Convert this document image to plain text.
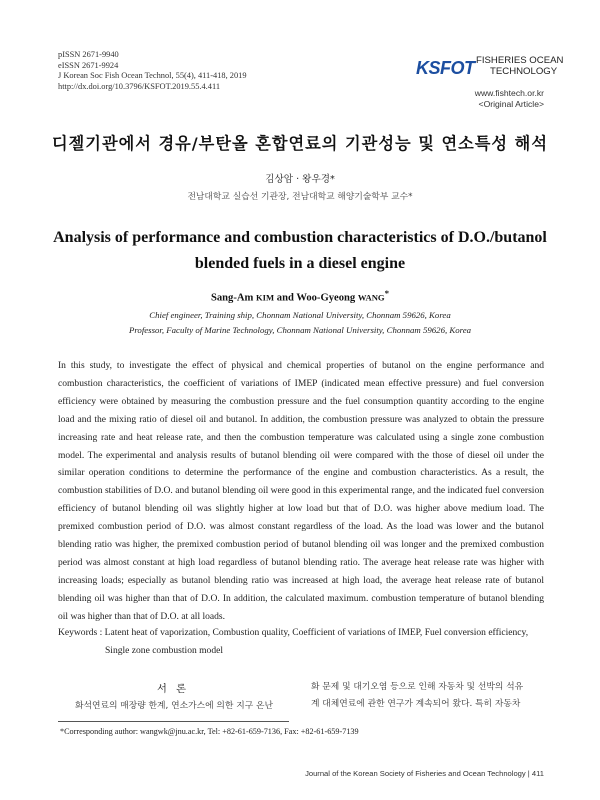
pISSN 2671-9940
eISSN 2671-9924
J Korean Soc Fish Ocean Technol, 55(4), 411-418, 2019
http://dx.doi.org/10.3796/KSFOT.2019.55.4.411
KSFOT FISHERIES OCEAN
TECHNOLOGY
www.fishtech.or.kr
<Original Article>
디젤기관에서 경유/부탄올 혼합연료의 기관성능 및 연소특성 해석
김상암 · 왕우경*
전남대학교 실습선 기관장, 전남대학교 해양기술학부 교수*
Analysis of performance and combustion characteristics of D.O./butanol
blended fuels in a diesel engine
Sang-Am KIM and Woo-Gyeong WANG*
Chief engineer, Training ship, Chonnam National University, Chonnam 59626, Korea
Professor, Faculty of Marine Technology, Chonnam National University, Chonnam 59626, Korea
In this study, to investigate the effect of physical and chemical properties of butanol on the engine performance and combustion characteristics, the coefficient of variations of IMEP (indicated mean effective pressure) and fuel conversion efficiency were obtained by measuring the combustion pressure and the fuel consumption quantity according to the engine load and the mixing ratio of diesel oil and butanol. In addition, the combustion pressure was analyzed to obtain the pressure increasing rate and heat release rate, and then the combustion temperature was calculated using a single zone combustion model. The experimental and analysis results of butanol blending oil were compared with the those of diesel oil under the similar operation conditions to determine the performance of the engine and combustion characteristics. As a result, the combustion stabilities of D.O. and butanol blending oil were good in this experimental range, and the indicated fuel conversion efficiency of butanol blending oil was slightly higher at low load but that of D.O. was higher above medium load. The premixed combustion period of D.O. was almost constant regardless of the load. As the load was lower and the butanol blending ratio was higher, the premixed combustion period of butanol blending oil was longer and the premixed combustion period was almost constant at high load regardless of butanol blending ratio. The average heat release rate was higher with increasing loads; especially as butanol blending ratio was increased at high load, the average heat release rate of butanol blending oil was higher than that of D.O. In addition, the calculated maximum. combustion temperature of butanol blending oil was higher than that of D.O. at all loads.
Keywords : Latent heat of vaporization, Combustion quality, Coefficient of variations of IMEP, Fuel conversion efficiency,
Single zone combustion model
서 론
화석연료의 매장량 한계, 연소가스에 의한 지구 온난
화 문제 및 대기오염 등으로 인해 자동차 및 선박의 석유
계 대체연료에 관한 연구가 계속되어 왔다. 특히 자동차
*Corresponding author: wangwk@jnu.ac.kr, Tel: +82-61-659-7136, Fax: +82-61-659-7139
Journal of the Korean Society of Fisheries and Ocean Technology | 411
